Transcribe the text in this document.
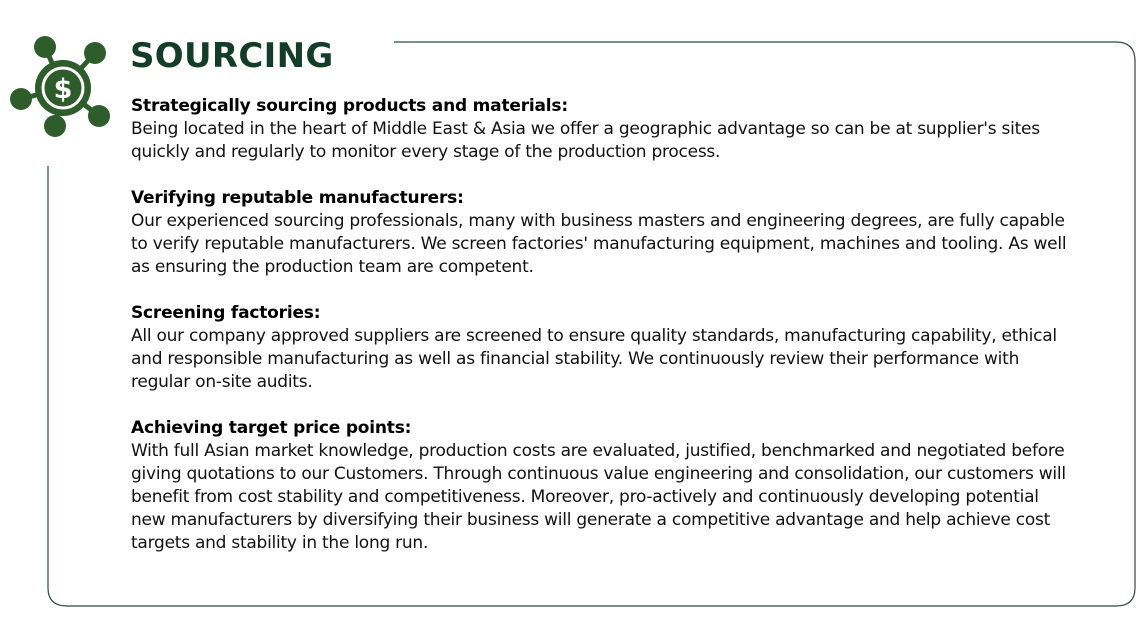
$
SOURCING
Strategically sourcing products and materials:
Being located in the heart of Middle East & Asia we offer a geographic advantage so can be at supplier's sites quickly and regularly to monitor every stage of the production process.
Verifying reputable manufacturers:
Our experienced sourcing professionals, many with business masters and engineering degrees, are fully capable to verify reputable manufacturers. We screen factories' manufacturing equipment, machines and tooling. As well as ensuring the production team are competent.
Screening factories:
All our company approved suppliers are screened to ensure quality standards, manufacturing capability, ethical and responsible manufacturing as well as financial stability. We continuously review their performance with regular on-site audits.
Achieving target price points:
With full Asian market knowledge, production costs are evaluated, justified, benchmarked and negotiated before giving quotations to our Customers. Through continuous value engineering and consolidation, our customers will benefit from cost stability and competitiveness. Moreover, pro-actively and continuously developing potential new manufacturers by diversifying their business will generate a competitive advantage and help achieve cost targets and stability in the long run.
